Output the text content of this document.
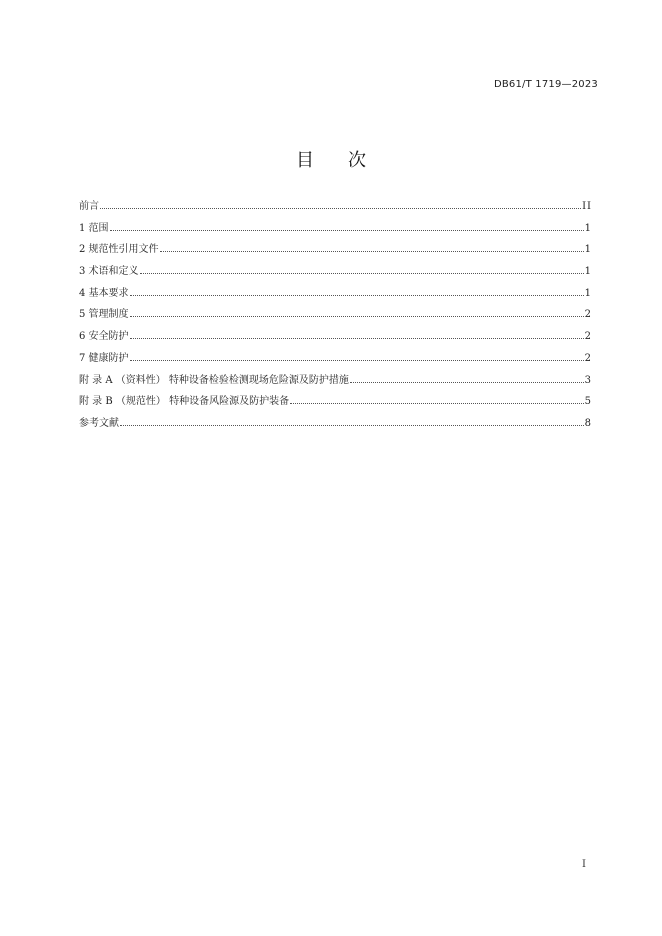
DB61/T 1719—2023
目 次
前言	II
1 范围	1
2 规范性引用文件	1
3 术语和定义	1
4 基本要求	1
5 管理制度	2
6 安全防护	2
7 健康防护	2
附 录 A （资料性） 特种设备检验检测现场危险源及防护措施	3
附 录 B （规范性） 特种设备风险源及防护装备	5
参考文献	8
I
